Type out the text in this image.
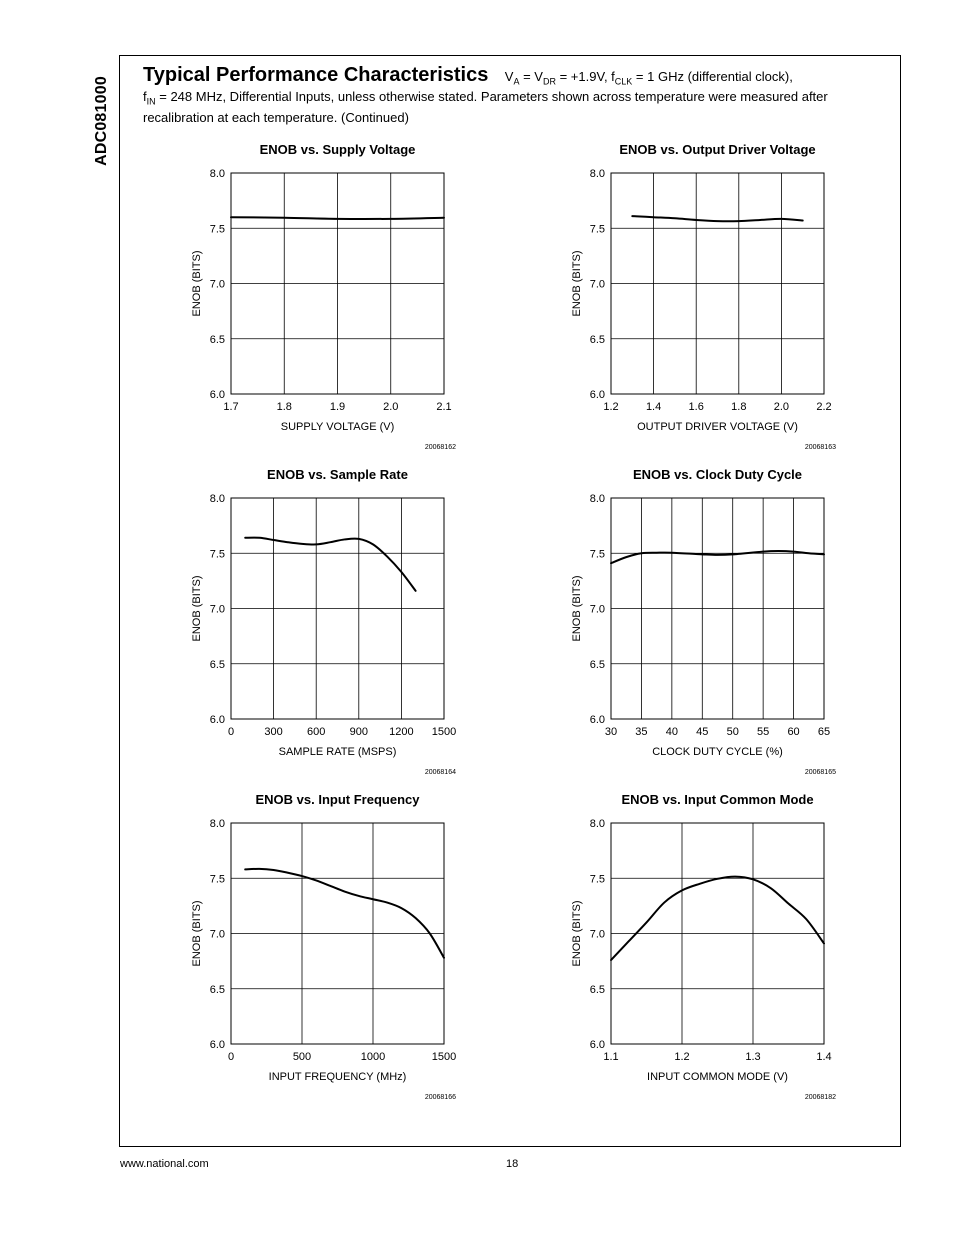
ADC081000
Typical Performance Characteristics $V_A = V_{DR} = +1.9V$, $f_{CLK} = 1$ GHz (differential clock),
$f_{IN} = 248$ MHz, Differential Inputs, unless otherwise stated. Parameters shown across temperature were measured after recalibration at each temperature. (Continued)
ENOB vs. Supply Voltage
1.7	1.8	1.9	2.0	2.1
6.0
6.5
7.0
7.5
8.0
SUPPLY VOLTAGE (V)
ENOB (BITS)
20068162
ENOB vs. Output Driver Voltage
1.2 1.4 1.6 1.8 2.0 2.2
6.0
6.5
7.0
7.5
8.0
OUTPUT DRIVER VOLTAGE (V)
ENOB (BITS)
20068163
ENOB vs. Sample Rate
0	300 600 900 1200 1500
6.0
6.5
7.0
7.5
8.0
SAMPLE RATE (MSPS)
ENOB (BITS)
20068164
ENOB vs. Clock Duty Cycle
30 35 40 45 50 55 60 65
6.0
6.5
7.0
7.5
8.0
CLOCK DUTY CYCLE (%)
ENOB (BITS)
20068165
ENOB vs. Input Frequency
0	500	1000	1500
6.0
6.5
7.0
7.5
8.0
INPUT FREQUENCY (MHz)
ENOB (BITS)
20068166
ENOB vs. Input Common Mode
1.1	1.2	1.3	1.4
6.0
6.5
7.0
7.5
8.0
INPUT COMMON MODE (V)
ENOB (BITS)
20068182
www.national.com	18
